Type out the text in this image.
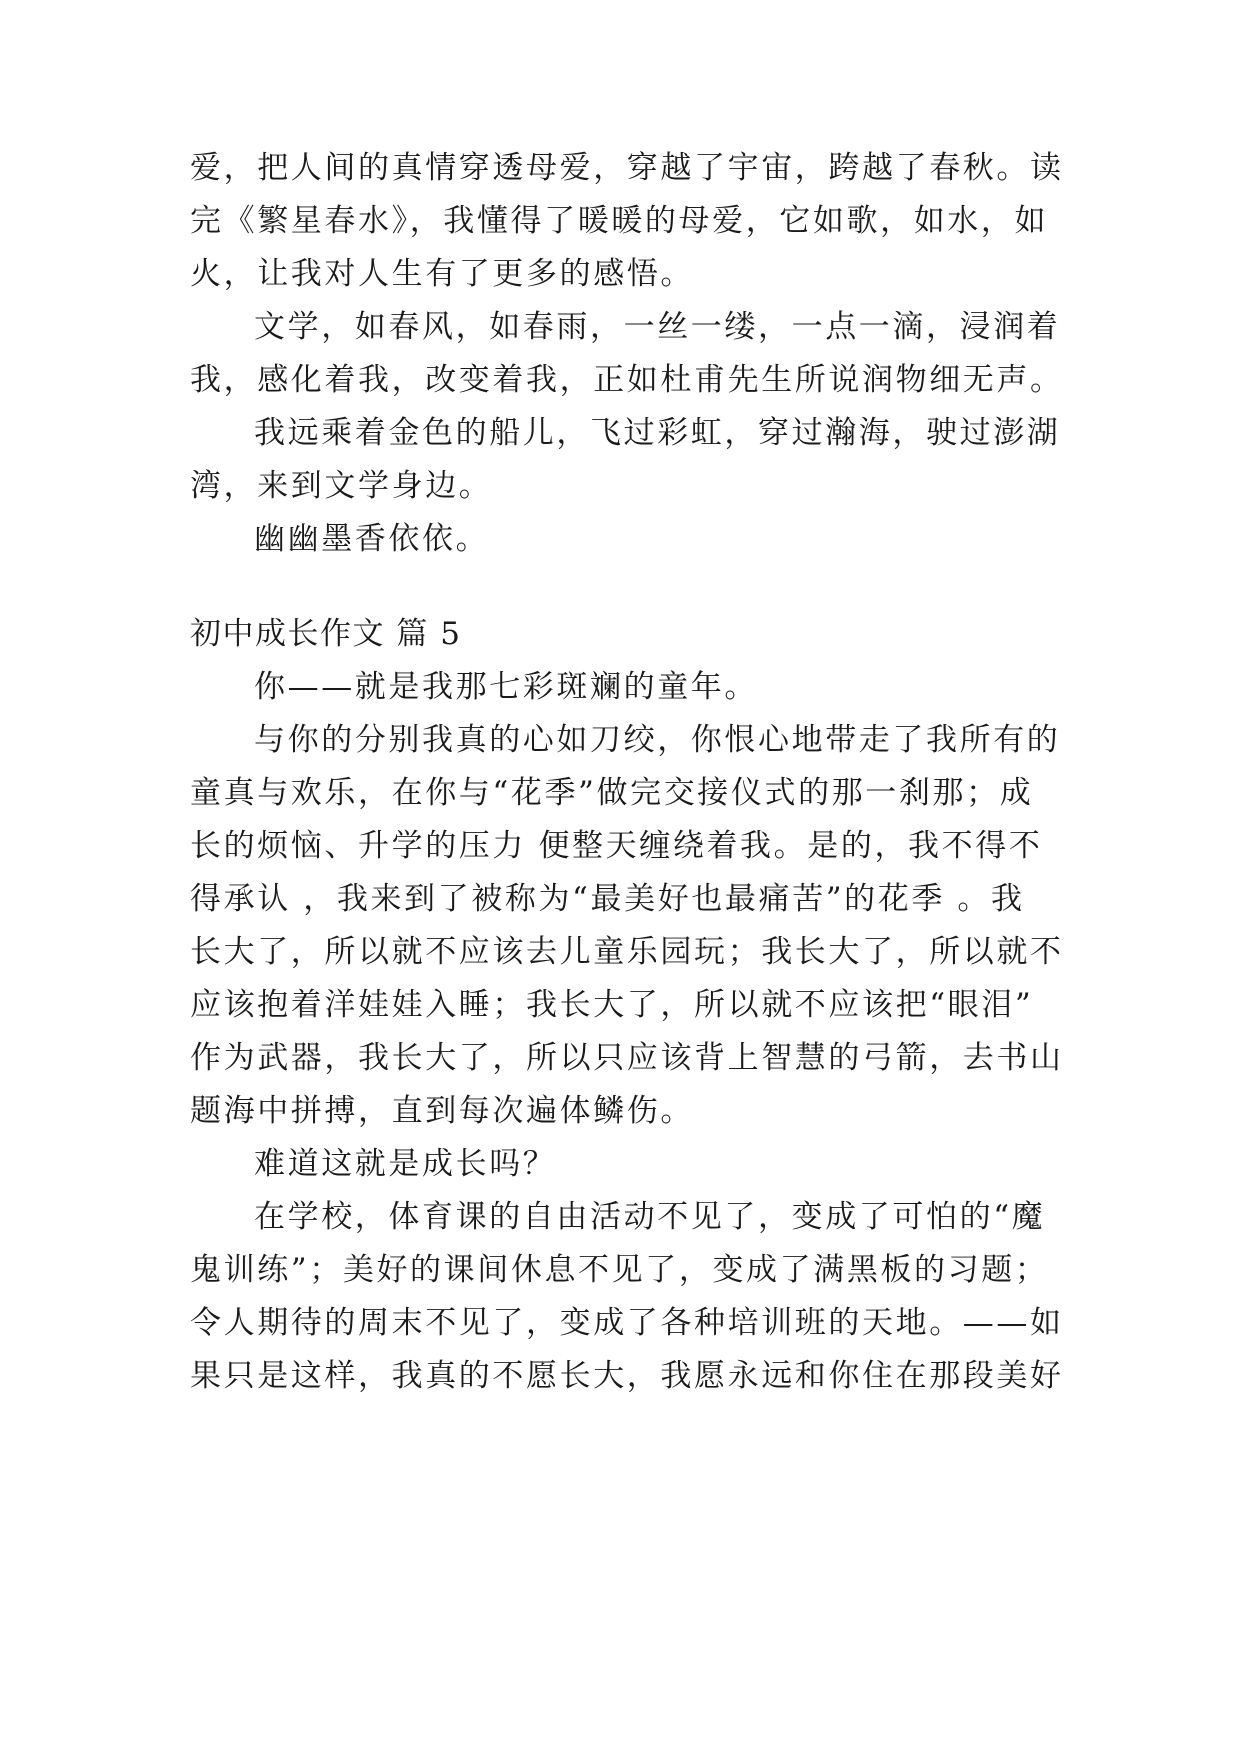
爱，把人间的真情穿透母爱，穿越了宇宙，跨越了春秋。读
完《繁星春水》，我懂得了暖暖的母爱，它如歌，如水，如
火，让我对人生有了更多的感悟。
文学，如春风，如春雨，一丝一缕，一点一滴，浸润着
我，感化着我，改变着我，正如杜甫先生所说润物细无声。
我远乘着金色的船儿，飞过彩虹，穿过瀚海，驶过澎湖
湾，来到文学身边。
幽幽墨香依依。
初中成长作文 篇 5
你——就是我那七彩斑斓的童年。
与你的分别我真的心如刀绞，你恨心地带走了我所有的
童真与欢乐，在你与“花季”做完交接仪式的那一刹那；成
长的烦恼、升学的压力 便整天缠绕着我。是的，我不得不
得承认 ，我来到了被称为“最美好也最痛苦”的花季 。我
长大了，所以就不应该去儿童乐园玩；我长大了，所以就不
应该抱着洋娃娃入睡；我长大了，所以就不应该把“眼泪”
作为武器，我长大了，所以只应该背上智慧的弓箭，去书山
题海中拼搏，直到每次遍体鳞伤。
难道这就是成长吗？
在学校，体育课的自由活动不见了，变成了可怕的“魔
鬼训练”；美好的课间休息不见了，变成了满黑板的习题；
令人期待的周末不见了，变成了各种培训班的天地。——如
果只是这样，我真的不愿长大，我愿永远和你住在那段美好
